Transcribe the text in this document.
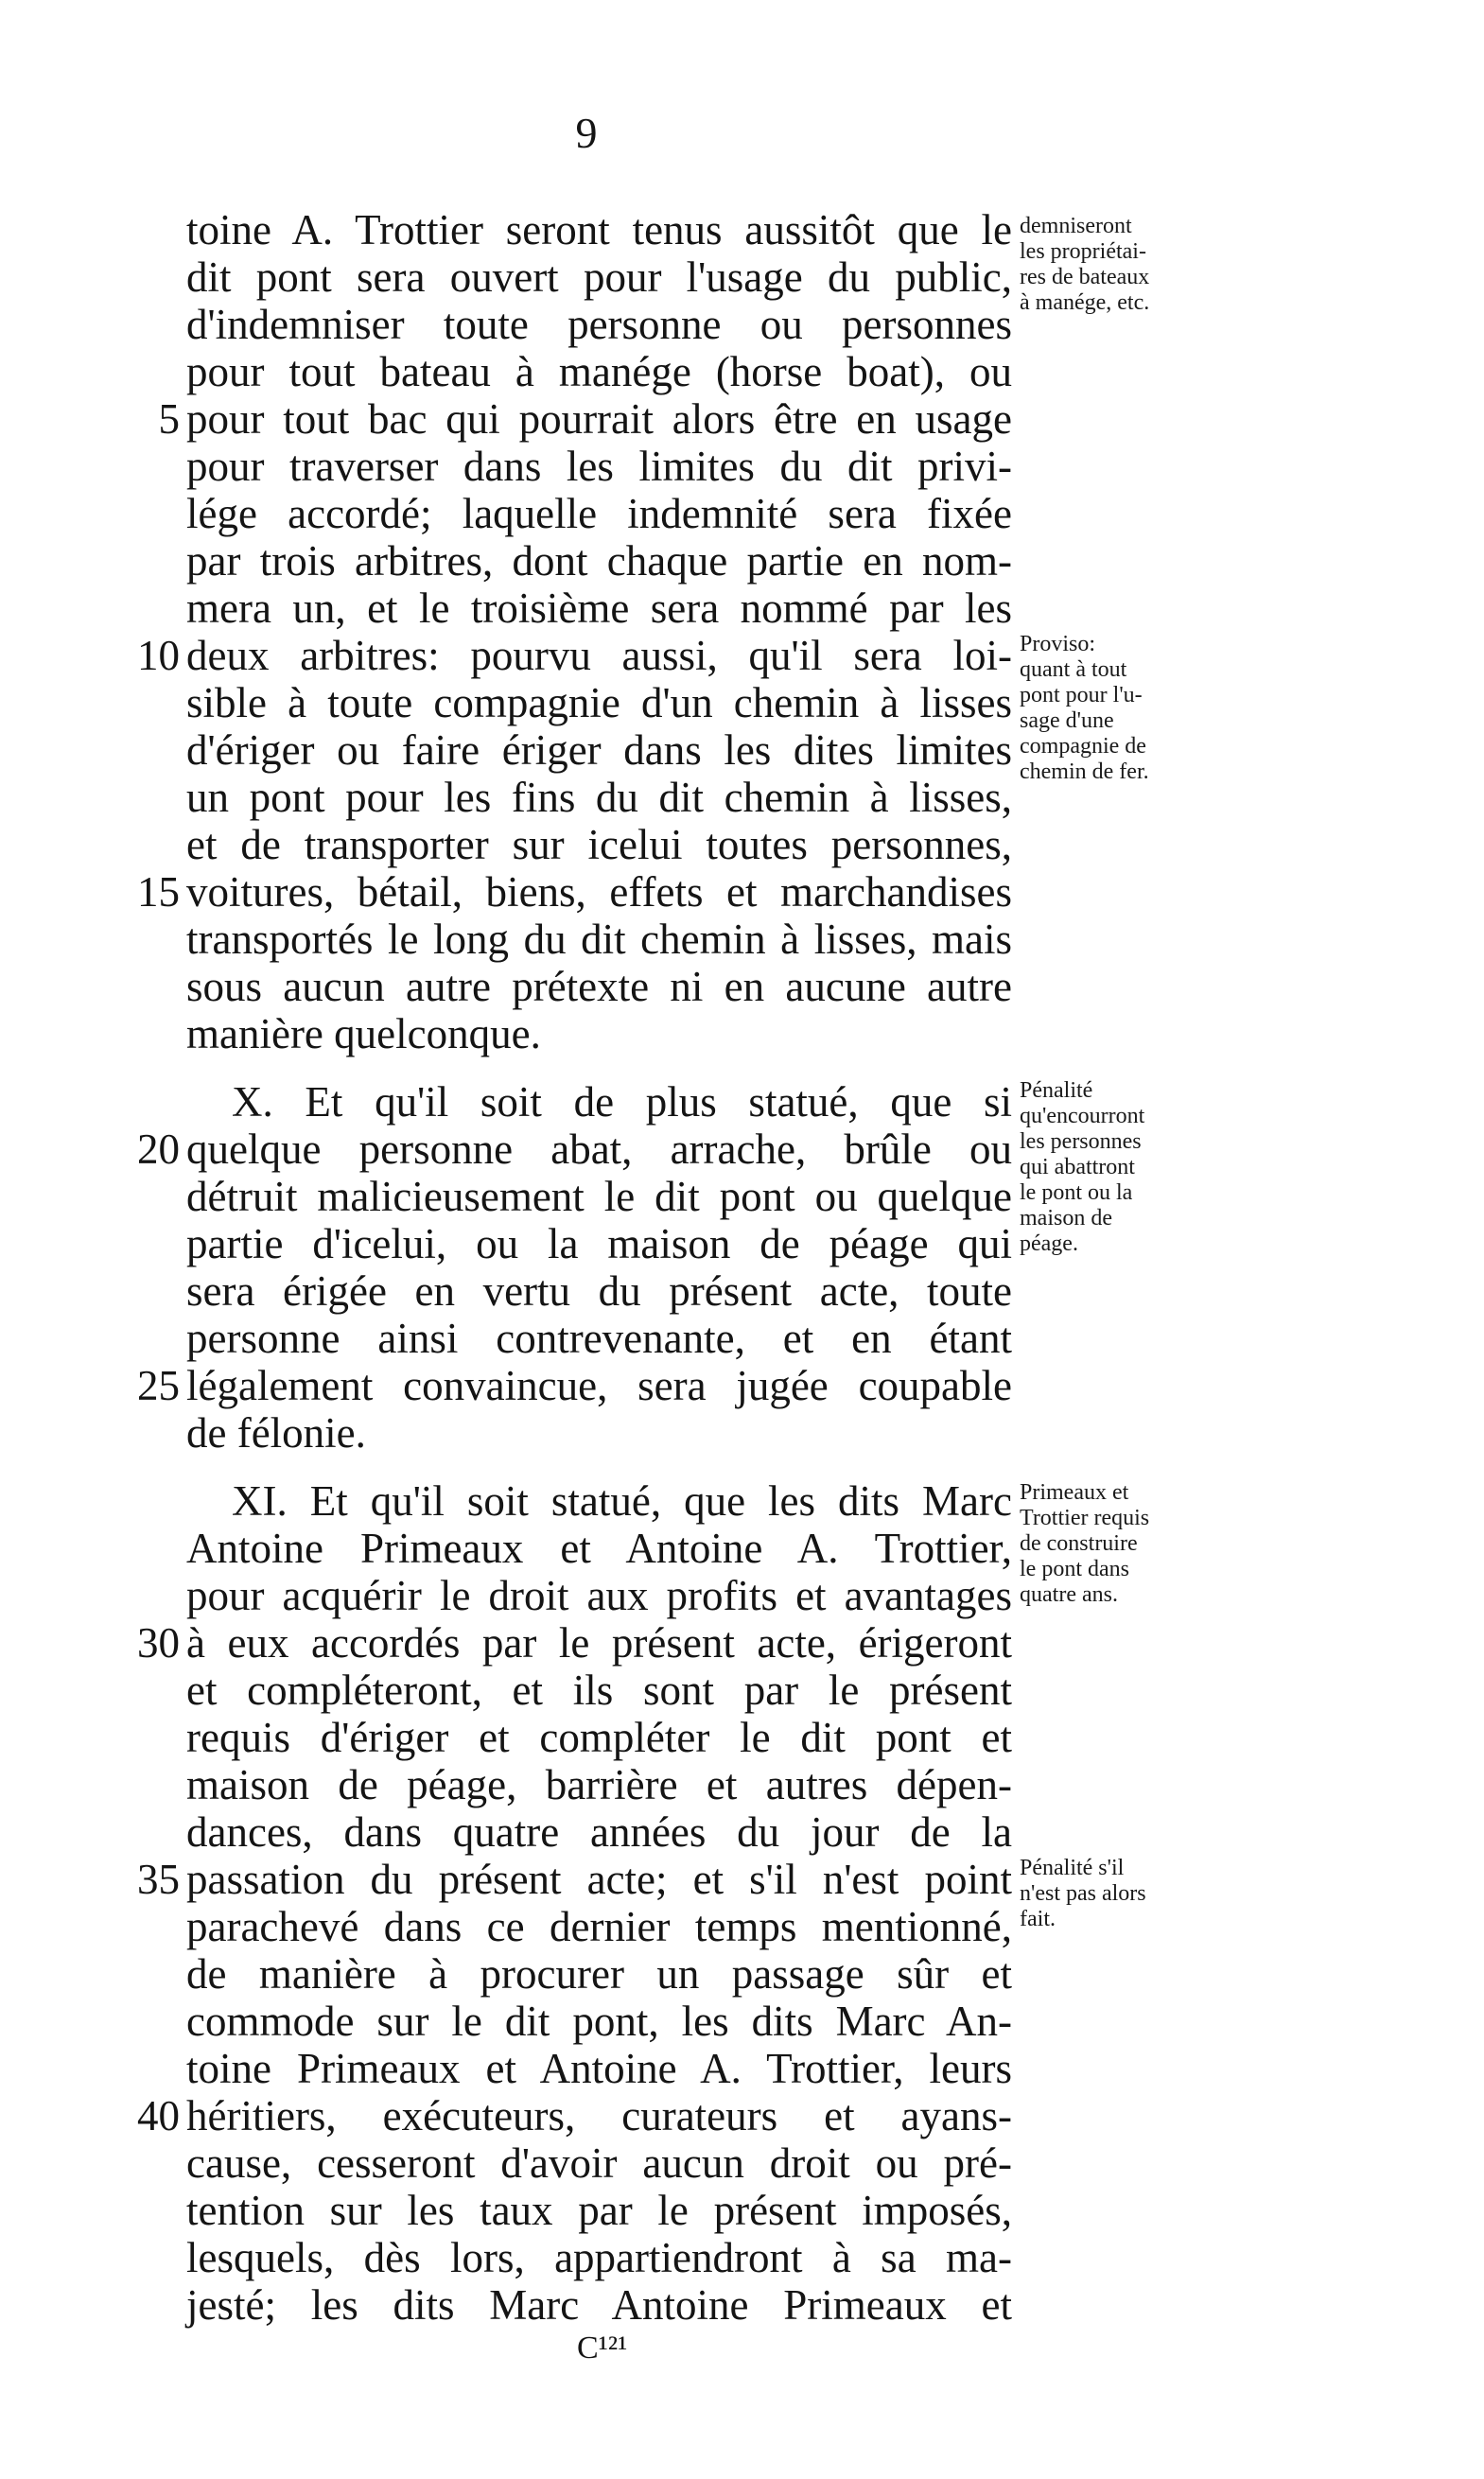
9
toine A. Trottier seront tenus aussitôt que le
dit pont sera ouvert pour l'usage du public,
d'indemniser toute personne ou personnes
pour tout bateau à manége (horse boat), ou
pour tout bac qui pourrait alors être en usage
pour traverser dans les limites du dit privi-
lége accordé; laquelle indemnité sera fixée
par trois arbitres, dont chaque partie en nom-
mera un, et le troisième sera nommé par les
deux arbitres: pourvu aussi, qu'il sera loi-
sible à toute compagnie d'un chemin à lisses
d'ériger ou faire ériger dans les dites limites
un pont pour les fins du dit chemin à lisses,
et de transporter sur icelui toutes personnes,
voitures, bétail, biens, effets et marchandises
transportés le long du dit chemin à lisses, mais
sous aucun autre prétexte ni en aucune autre
manière quelconque.
X. Et qu'il soit de plus statué, que si
quelque personne abat, arrache, brûle ou
détruit malicieusement le dit pont ou quelque
partie d'icelui, ou la maison de péage qui
sera érigée en vertu du présent acte, toute
personne ainsi contrevenante, et en étant
légalement convaincue, sera jugée coupable
de félonie.
XI. Et qu'il soit statué, que les dits Marc
Antoine Primeaux et Antoine A. Trottier,
pour acquérir le droit aux profits et avantages
à eux accordés par le présent acte, érigeront
et compléteront, et ils sont par le présent
requis d'ériger et compléter le dit pont et
maison de péage, barrière et autres dépen-
dances, dans quatre années du jour de la
passation du présent acte; et s'il n'est point
parachevé dans ce dernier temps mentionné,
de manière à procurer un passage sûr et
commode sur le dit pont, les dits Marc An-
toine Primeaux et Antoine A. Trottier, leurs
héritiers, exécuteurs, curateurs et ayans-
cause, cesseront d'avoir aucun droit ou pré-
tention sur les taux par le présent imposés,
lesquels, dès lors, appartiendront à sa ma-
jesté; les dits Marc Antoine Primeaux et
5
10
15
20
25
30
35
40
demniseront
les propriétai-
res de bateaux
à manége, etc.
Proviso:
quant à tout
pont pour l'u-
sage d'une
compagnie de
chemin de fer.
Pénalité
qu'encourront
les personnes
qui abattront
le pont ou la
maison de
péage.
Primeaux et
Trottier requis
de construire
le pont dans
quatre ans.
Pénalité s'il
n'est pas alors
fait.
C¹²¹
